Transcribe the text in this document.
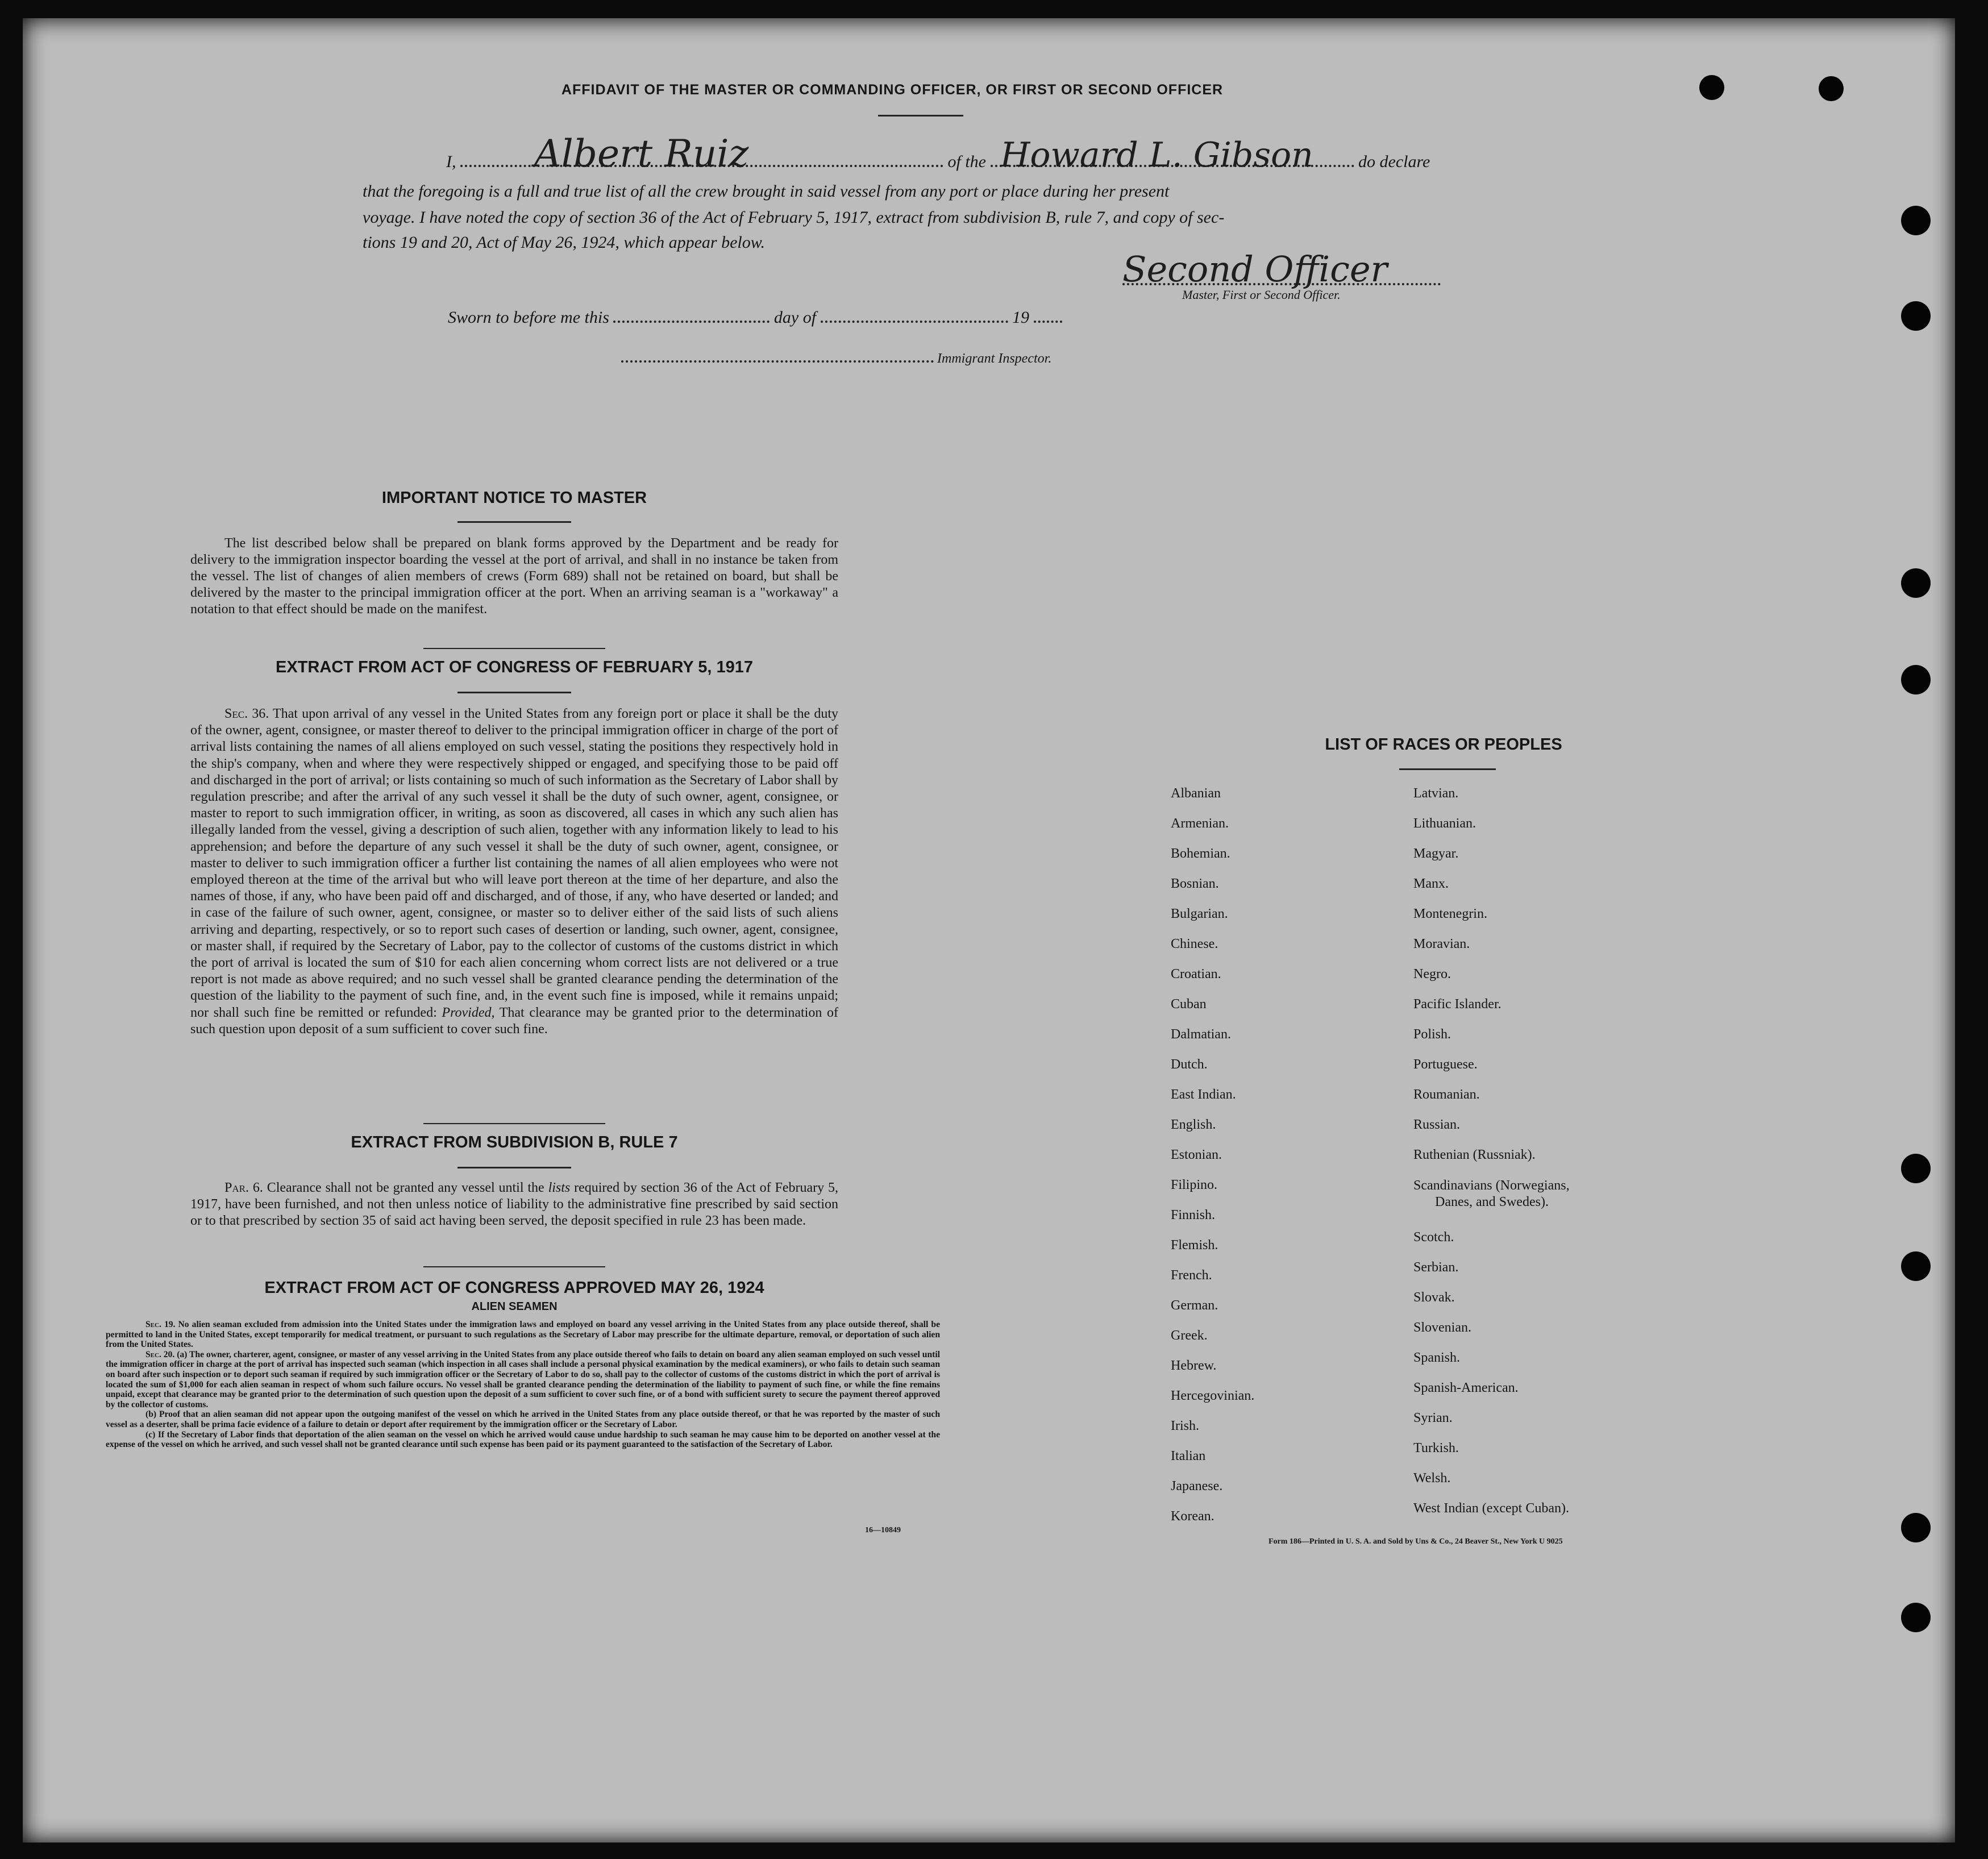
AFFIDAVIT OF THE MASTER OR COMMANDING OFFICER, OR FIRST OR SECOND OFFICER
I,	of the	do declare
Albert Ruiz	Howard L. Gibson
that the foregoing is a full and true list of all the crew brought in said vessel from any port or place during her present
voyage. I have noted the copy of section 36 of the Act of February 5, 1917, extract from subdivision B, rule 7, and copy of sec-
tions 19 and 20, Act of May 26, 1924, which appear below.
Second Officer
Master, First or Second Officer.
Sworn to before me this	day of	19
Immigrant Inspector.
IMPORTANT NOTICE TO MASTER

The list described below shall be prepared on blank forms approved by the Department and be ready for delivery to the immigration inspector boarding the vessel at the port of arrival, and shall in no instance be taken from the vessel. The list of changes of alien members of crews (Form 689) shall not be retained on board, but shall be delivered by the master to the principal immigration officer at the port. When an arriving seaman is a "workaway" a notation to that effect should be made on the manifest.

EXTRACT FROM ACT OF CONGRESS OF FEBRUARY 5, 1917

Sec. 36. That upon arrival of any vessel in the United States from any foreign port or place it shall be the duty of the owner, agent, consignee, or master thereof to deliver to the principal immigration officer in charge of the port of arrival lists containing the names of all aliens employed on such vessel, stating the positions they respectively hold in the ship's company, when and where they were respectively shipped or engaged, and specifying those to be paid off and discharged in the port of arrival; or lists containing so much of such information as the Secretary of Labor shall by regulation prescribe; and after the arrival of any such vessel it shall be the duty of such owner, agent, consignee, or master to report to such immigration officer, in writing, as soon as discovered, all cases in which any such alien has illegally landed from the vessel, giving a description of such alien, together with any information likely to lead to his apprehension; and before the departure of any such vessel it shall be the duty of such owner, agent, consignee, or master to deliver to such immigration officer a further list containing the names of all alien employees who were not employed thereon at the time of the arrival but who will leave port thereon at the time of her departure, and also the names of those, if any, who have been paid off and discharged, and of those, if any, who have deserted or landed; and in case of the failure of such owner, agent, consignee, or master so to deliver either of the said lists of such aliens arriving and departing, respectively, or so to report such cases of desertion or landing, such owner, agent, consignee, or master shall, if required by the Secretary of Labor, pay to the collector of customs of the customs district in which the port of arrival is located the sum of $10 for each alien concerning whom correct lists are not delivered or a true report is not made as above required; and no such vessel shall be granted clearance pending the determination of the question of the liability to the payment of such fine, and, in the event such fine is imposed, while it remains unpaid; nor shall such fine be remitted or refunded: Provided, That clearance may be granted prior to the determination of such question upon deposit of a sum sufficient to cover such fine.

EXTRACT FROM SUBDIVISION B, RULE 7

Par. 6. Clearance shall not be granted any vessel until the lists required by section 36 of the Act of February 5, 1917, have been furnished, and not then unless notice of liability to the administrative fine prescribed by said section or to that prescribed by section 35 of said act having been served, the deposit specified in rule 23 has been made.

EXTRACT FROM ACT OF CONGRESS APPROVED MAY 26, 1924
ALIEN SEAMEN

Sec. 19. No alien seaman excluded from admission into the United States under the immigration laws and employed on board any vessel arriving in the United States from any place outside thereof, shall be permitted to land in the United States, except temporarily for medical treatment, or pursuant to such regulations as the Secretary of Labor may prescribe for the ultimate departure, removal, or deportation of such alien from the United States.

Sec. 20. (a) The owner, charterer, agent, consignee, or master of any vessel arriving in the United States from any place outside thereof who fails to detain on board any alien seaman employed on such vessel until the immigration officer in charge at the port of arrival has inspected such seaman (which inspection in all cases shall include a personal physical examination by the medical examiners), or who fails to detain such seaman on board after such inspection or to deport such seaman if required by such immigration officer or the Secretary of Labor to do so, shall pay to the collector of customs of the customs district in which the port of arrival is located the sum of $1,000 for each alien seaman in respect of whom such failure occurs. No vessel shall be granted clearance pending the determination of the liability to payment of such fine, or while the fine remains unpaid, except that clearance may be granted prior to the determination of such question upon the deposit of a sum sufficient to cover such fine, or of a bond with sufficient surety to secure the payment thereof approved by the collector of customs.

(b) Proof that an alien seaman did not appear upon the outgoing manifest of the vessel on which he arrived in the United States from any place outside thereof, or that he was reported by the master of such vessel as a deserter, shall be prima facie evidence of a failure to detain or deport after requirement by the immigration officer or the Secretary of Labor.

(c) If the Secretary of Labor finds that deportation of the alien seaman on the vessel on which he arrived would cause undue hardship to such seaman he may cause him to be deported on another vessel at the expense of the vessel on which he arrived, and such vessel shall not be granted clearance until such expense has been paid or its payment guaranteed to the satisfaction of the Secretary of Labor.

16—10849
LIST OF RACES OR PEOPLES
Albanian
Armenian.
Bohemian.
Bosnian.
Bulgarian.
Chinese.
Croatian.
Cuban
Dalmatian.
Dutch.
East Indian.
English.
Estonian.
Filipino.
Finnish.
Flemish.
French.
German.
Greek.
Hebrew.
Hercegovinian.
Irish.
Italian
Japanese.
Korean.
Latvian.
Lithuanian.
Magyar.
Manx.
Montenegrin.
Moravian.
Negro.
Pacific Islander.
Polish.
Portuguese.
Roumanian.
Russian.
Ruthenian (Russniak).
Scandinavians (Norwegians,
Danes, and Swedes).
Scotch.
Serbian.
Slovak.
Slovenian.
Spanish.
Spanish-American.
Syrian.
Turkish.
Welsh.
West Indian (except Cuban).
Form 186—Printed in U. S. A. and Sold by Uns & Co., 24 Beaver St., New York U 9025
